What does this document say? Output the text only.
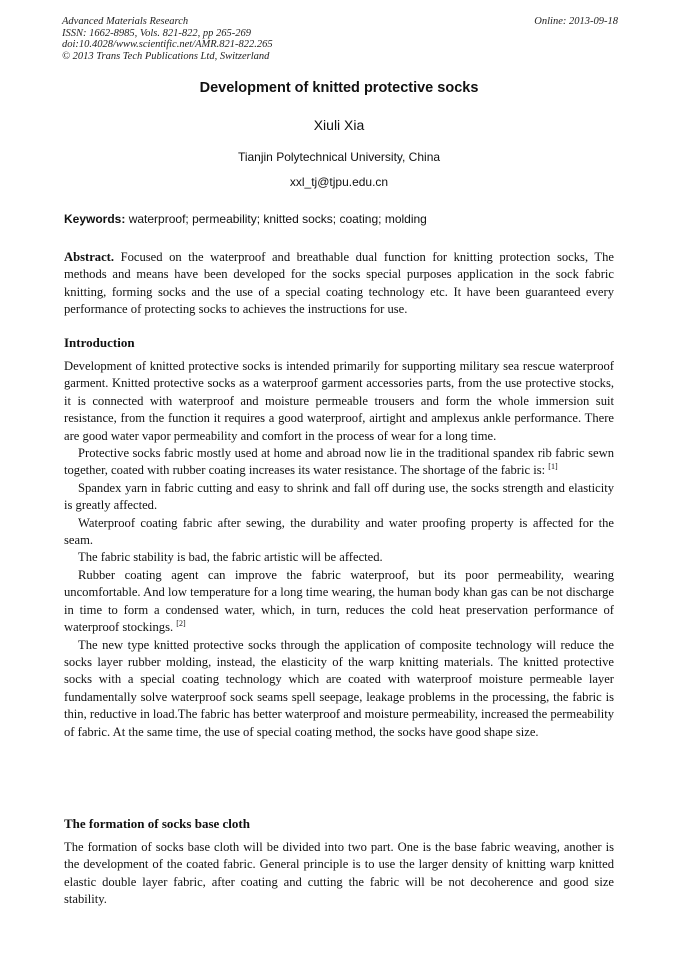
Advanced Materials Research
ISSN: 1662-8985, Vols. 821-822, pp 265-269
doi:10.4028/www.scientific.net/AMR.821-822.265
© 2013 Trans Tech Publications Ltd, Switzerland
Online: 2013-09-18
Development of knitted protective socks
Xiuli Xia
Tianjin Polytechnical University, China
xxl_tj@tjpu.edu.cn
Keywords: waterproof; permeability; knitted socks; coating; molding

Abstract. Focused on the waterproof and breathable dual function for knitting protection socks, The methods and means have been developed for the socks special purposes application in the sock fabric knitting, forming socks and the use of a special coating technology etc. It have been guaranteed every performance of protecting socks to achieves the instructions for use.

Introduction

Development of knitted protective socks is intended primarily for supporting military sea rescue waterproof garment. Knitted protective socks as a waterproof garment accessories parts, from the use protective stocks, it is connected with waterproof and moisture permeable trousers and form the whole immersion suit resistance, from the function it requires a good waterproof, airtight and amplexus ankle performance. There are good water vapor permeability and comfort in the process of wear for a long time.

Protective socks fabric mostly used at home and abroad now lie in the traditional spandex rib fabric sewn together, coated with rubber coating increases its water resistance. The shortage of the fabric is: [1]

Spandex yarn in fabric cutting and easy to shrink and fall off during use, the socks strength and elasticity is greatly affected.

Waterproof coating fabric after sewing, the durability and water proofing property is affected for the seam.

The fabric stability is bad, the fabric artistic will be affected.

Rubber coating agent can improve the fabric waterproof, but its poor permeability, wearing uncomfortable. And low temperature for a long time wearing, the human body khan gas can be not discharge in time to form a condensed water, which, in turn, reduces the cold heat preservation performance of waterproof stockings. [2]

The new type knitted protective socks through the application of composite technology will reduce the socks layer rubber molding, instead, the elasticity of the warp knitting materials. The knitted protective socks with a special coating technology which are coated with waterproof moisture permeable layer fundamentally solve waterproof sock seams spell seepage, leakage problems in the processing, the fabric is thin, reductive in load.The fabric has better waterproof and moisture permeability, increased the permeability of fabric. At the same time, the use of special coating method, the socks have good shape size.

The formation of socks base cloth

The formation of socks base cloth will be divided into two part. One is the base fabric weaving, another is the development of the coated fabric. General principle is to use the larger density of knitting warp knitted elastic double layer fabric, after coating and cutting the fabric will be not decoherence and good size stability.
